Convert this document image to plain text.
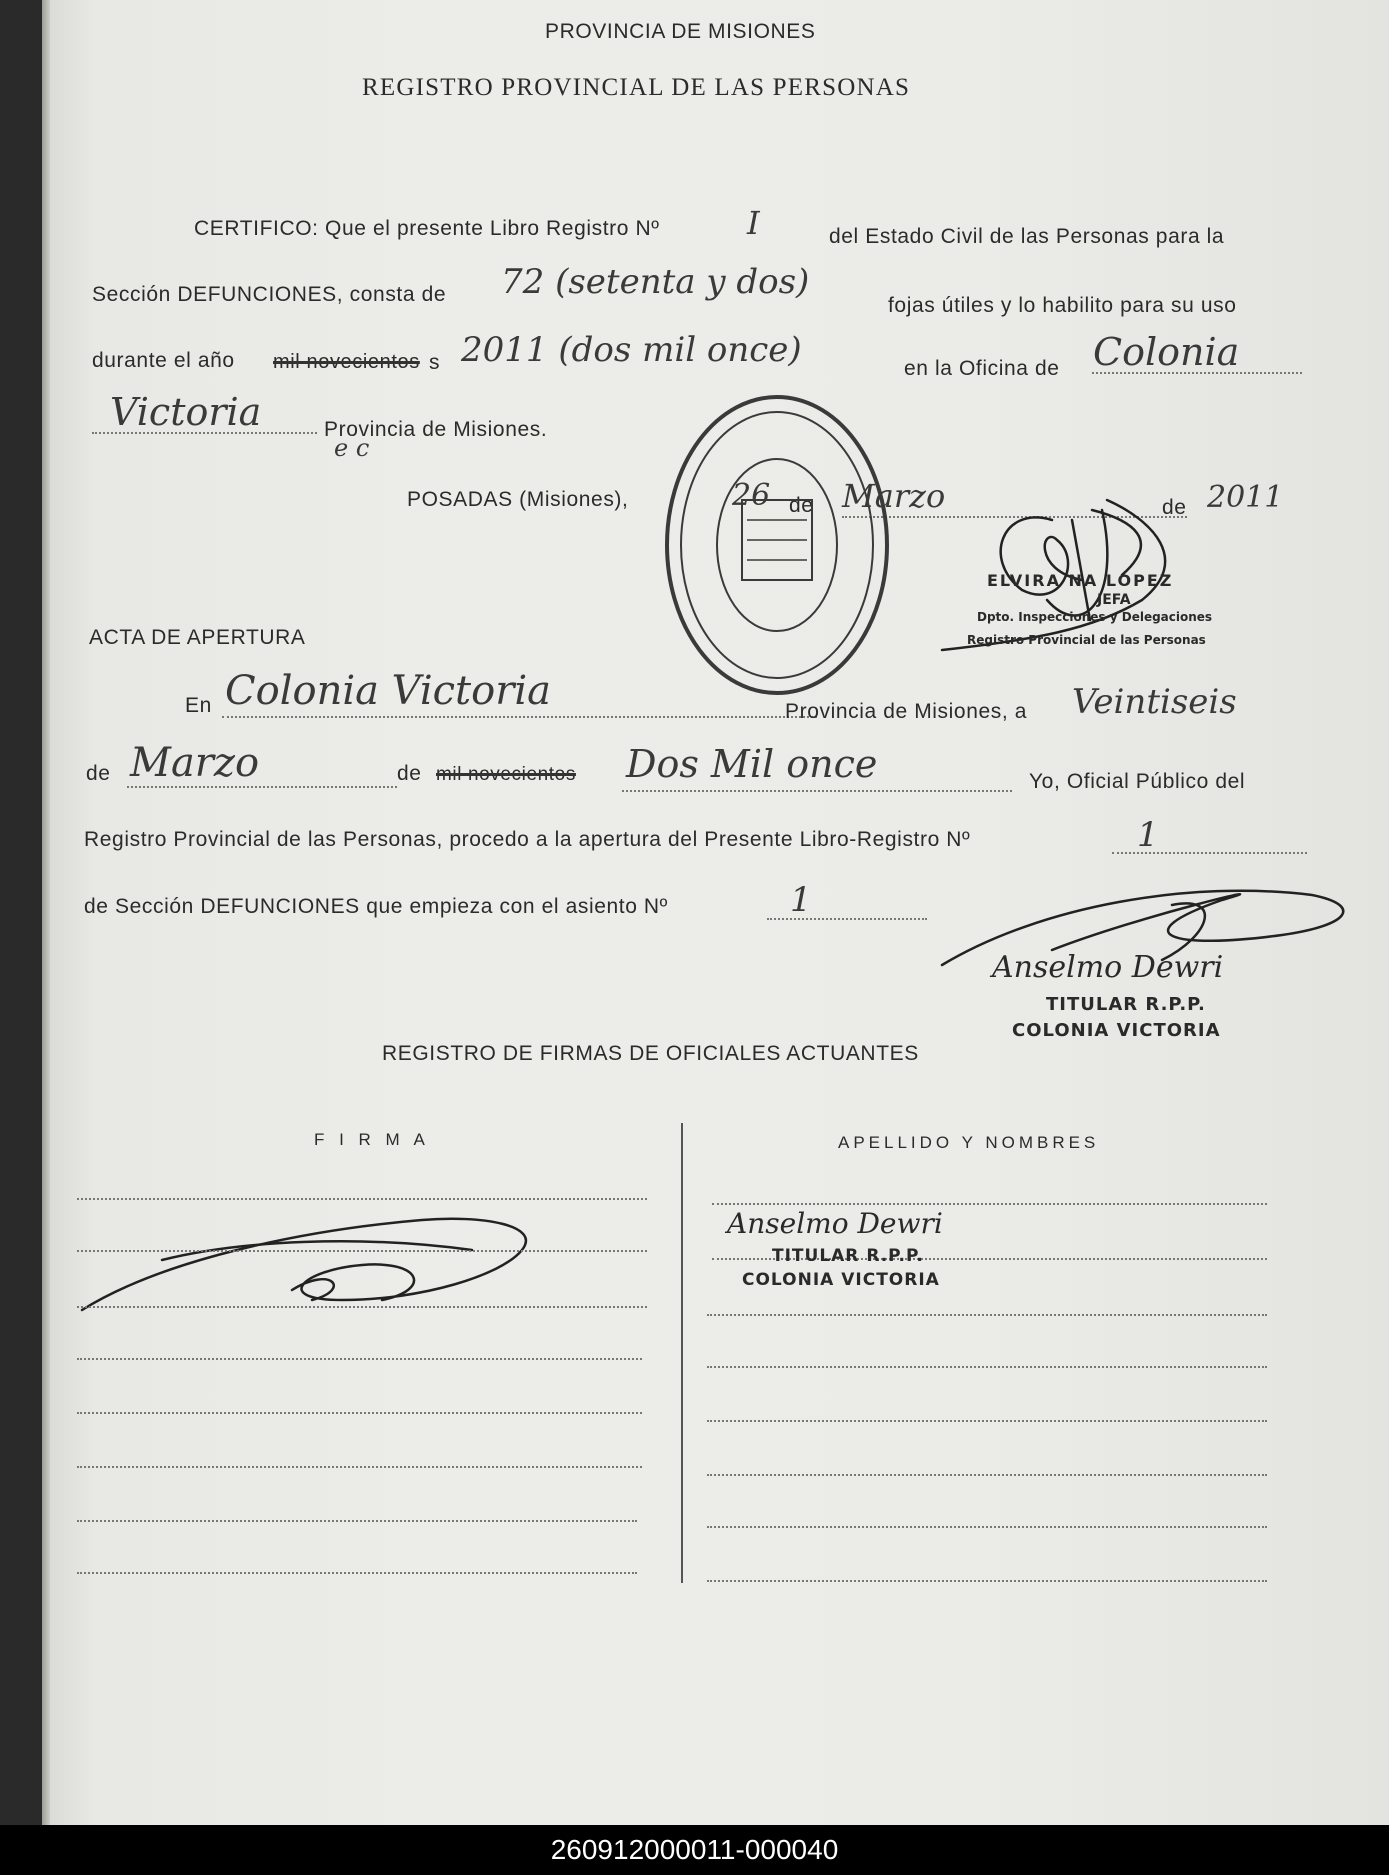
PROVINCIA DE MISIONES
REGISTRO PROVINCIAL DE LAS PERSONAS
CERTIFICO: Que el presente Libro Registro Nº	I	del Estado Civil de las Personas para la
Sección DEFUNCIONES, consta de 72 (setenta y dos)
fojas útiles y lo habilito para su uso
durante el año mil novecientos s 2011 (dos mil once)	en la Oficina de Colonia
Victoria	Provincia de Misiones.
e c
POSADAS (Misiones),	26 de Marzo	de 2011
ELVIRA NA LÓPEZ
JEFA
Dpto. Inspecciones y Delegaciones
Registro Provincial de las Personas
ACTA DE APERTURA
En Colonia Victoria	Provincia de Misiones, a Veintiseis
de Marzo	de mil novecientos Dos Mil once	Yo, Oficial Público del
Registro Provincial de las Personas, procedo a la apertura del Presente Libro-Registro Nº	1
de Sección DEFUNCIONES que empieza con el asiento Nº	1
Anselmo Dewri
TITULAR R.P.P.
COLONIA VICTORIA
REGISTRO DE FIRMAS DE OFICIALES ACTUANTES
F I R M A	APELLIDO Y NOMBRES
Anselmo Dewri
TITULAR R.P.P.
COLONIA VICTORIA
260912000011-000040
